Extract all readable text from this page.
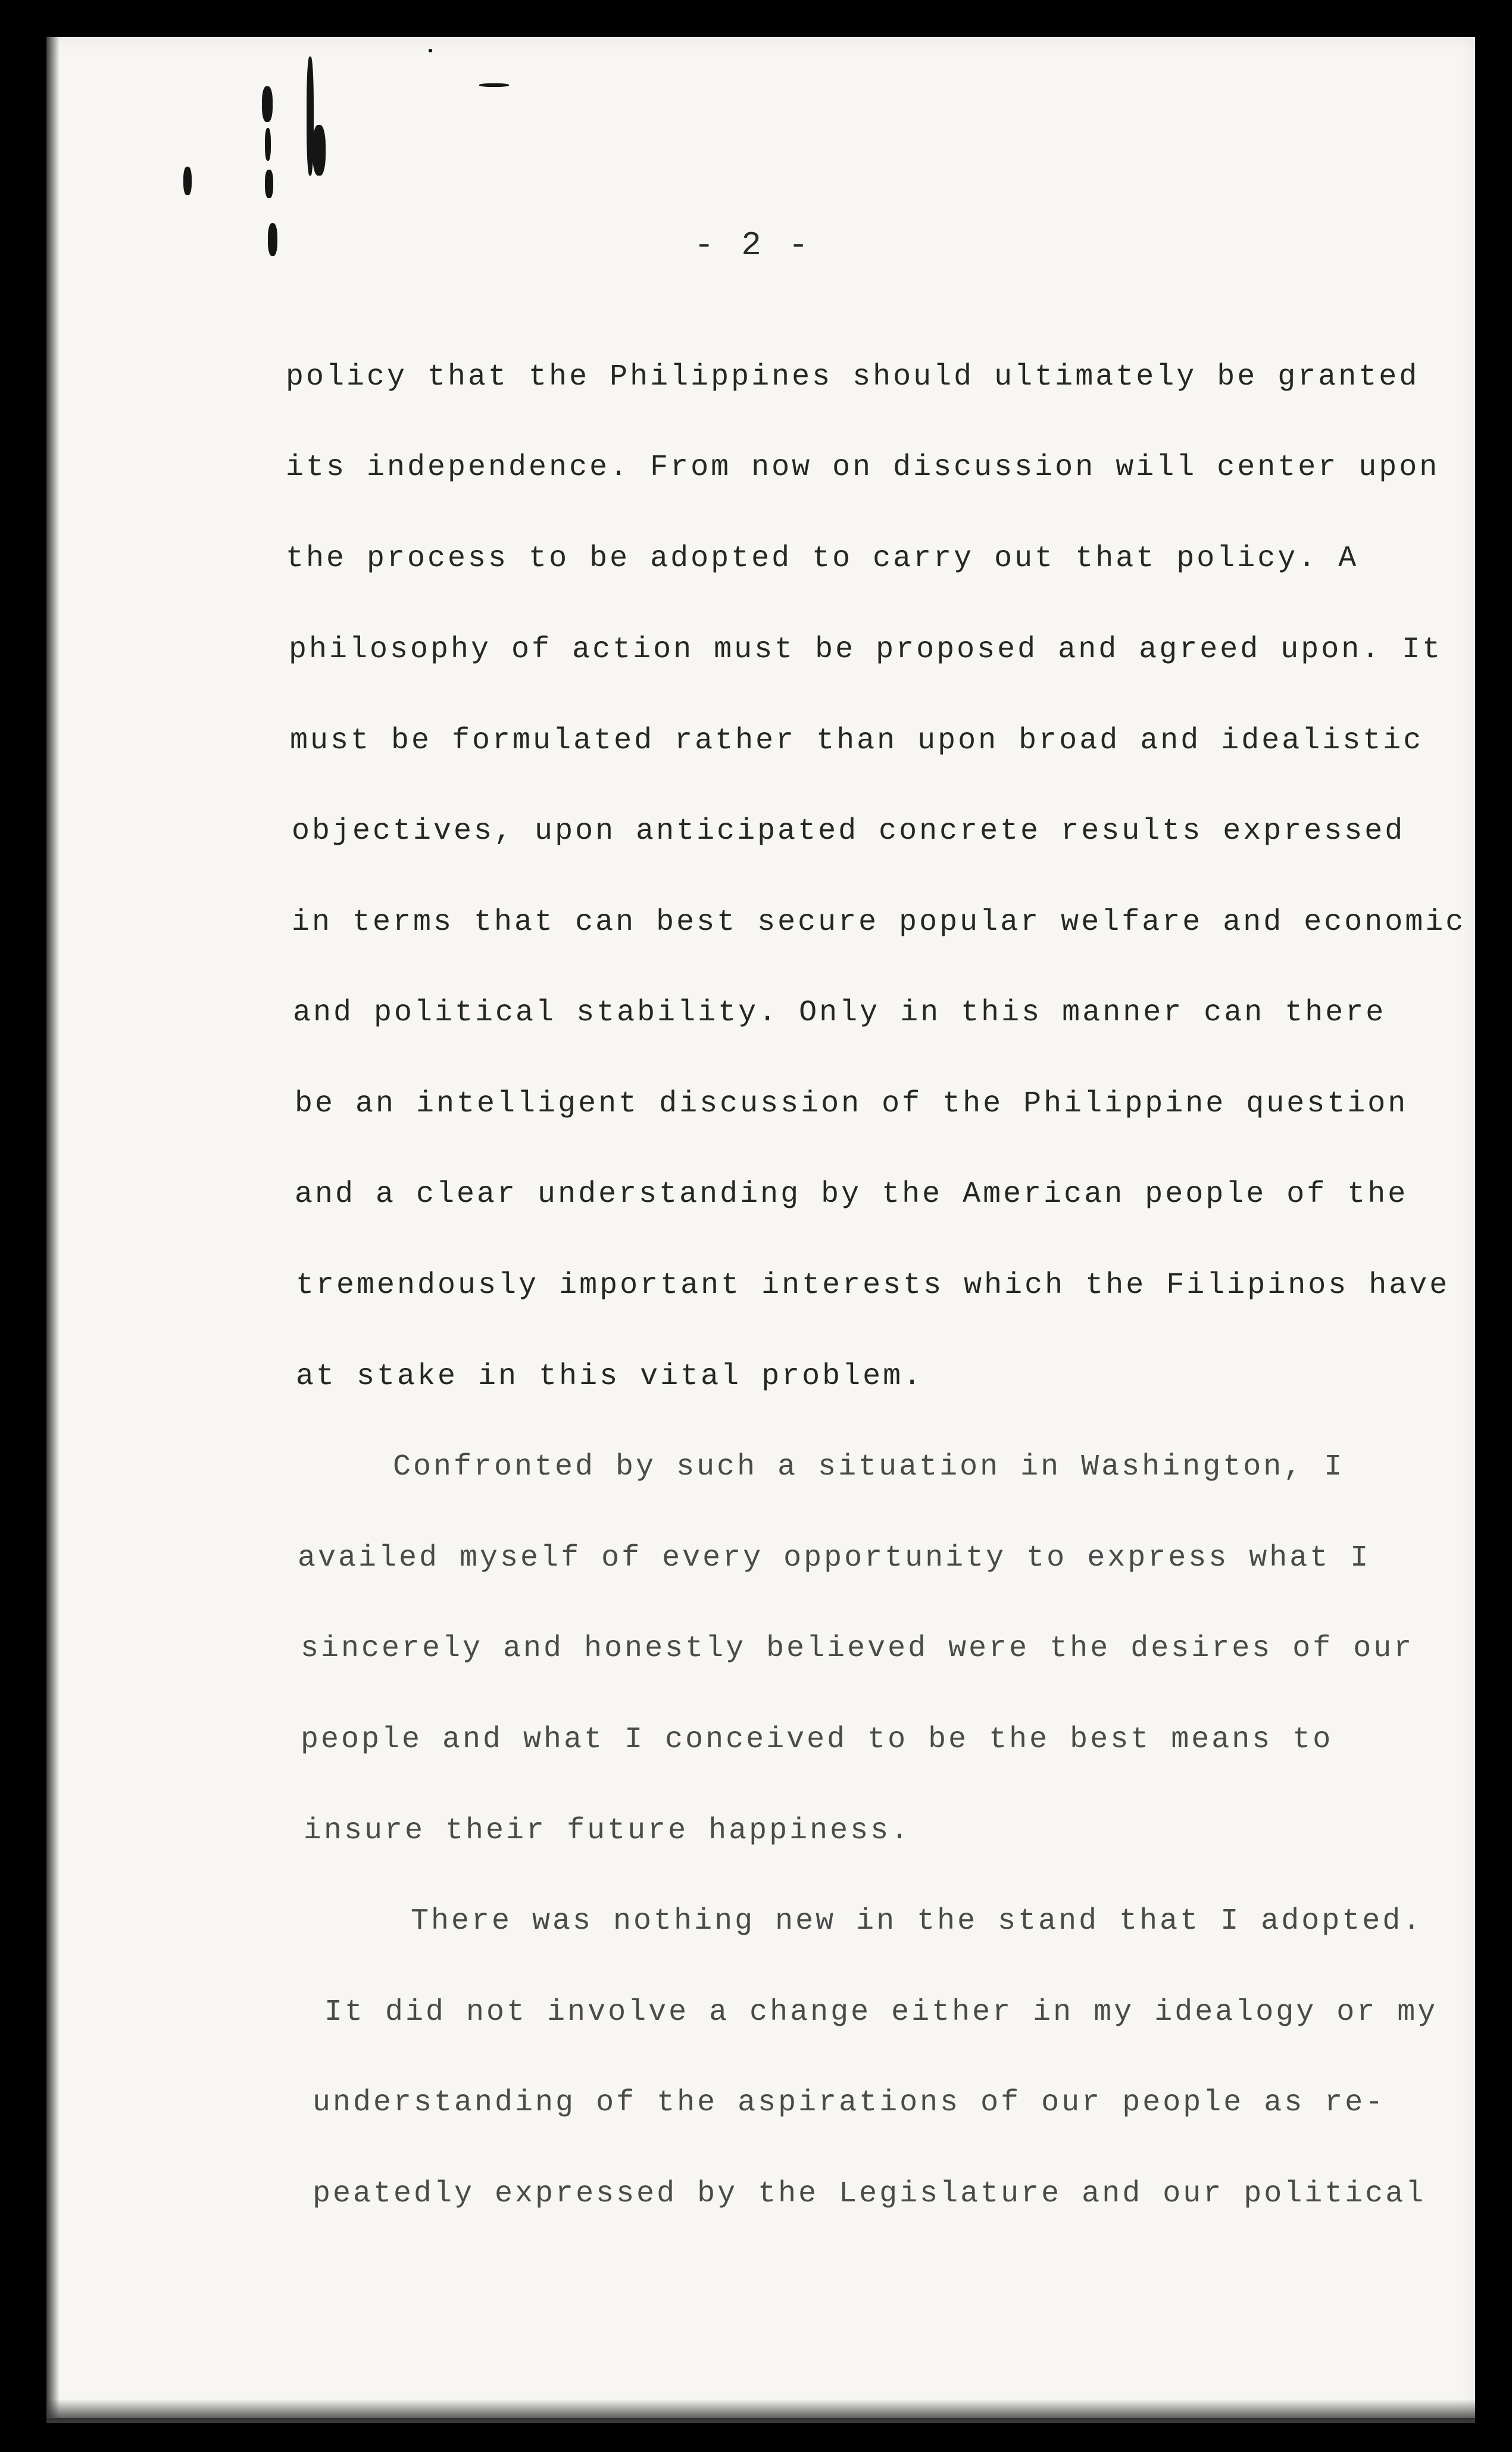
- 2 -
policy that the Philippines should ultimately be granted
its independence. From now on discussion will center upon
the process to be adopted to carry out that policy. A
philosophy of action must be proposed and agreed upon. It
must be formulated rather than upon broad and idealistic
objectives, upon anticipated concrete results expressed
in terms that can best secure popular welfare and economic
and political stability. Only in this manner can there
be an intelligent discussion of the Philippine question
and a clear understanding by the American people of the
tremendously important interests which the Filipinos have
at stake in this vital problem.
Confronted by such a situation in Washington, I
availed myself of every opportunity to express what I
sincerely and honestly believed were the desires of our
people and what I conceived to be the best means to
insure their future happiness.
There was nothing new in the stand that I adopted.
It did not involve a change either in my idealogy or my
understanding of the aspirations of our people as re-
peatedly expressed by the Legislature and our political
